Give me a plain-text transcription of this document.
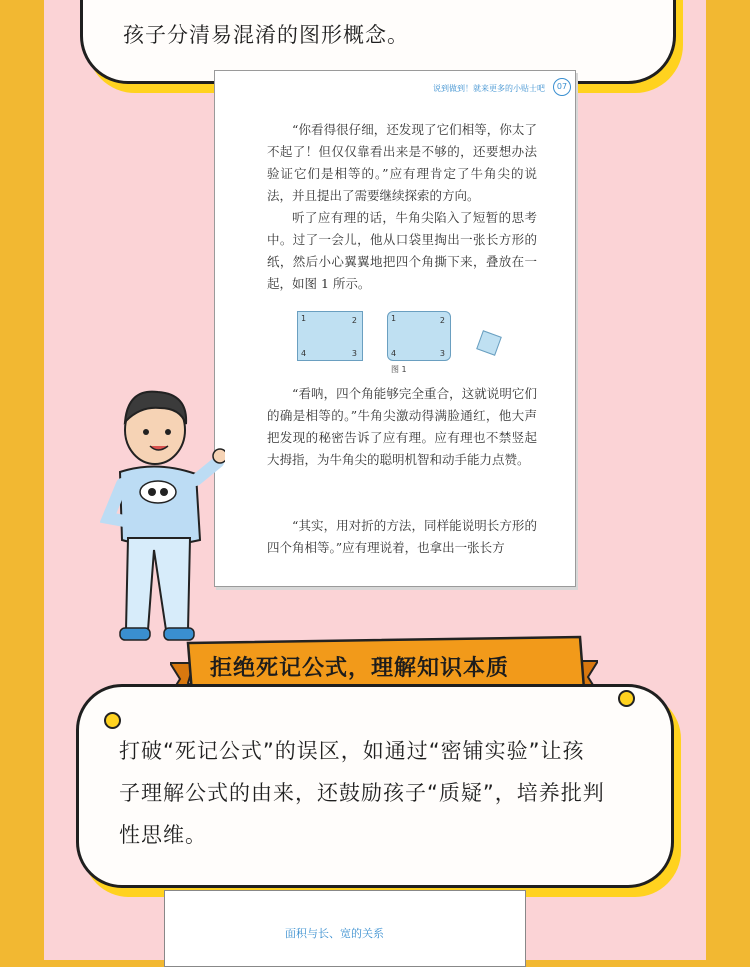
孩子分清易混淆的图形概念。
说到做到！就来更多的小贴士吧	07
“你看得很仔细，还发现了它们相等，你太了不起了！但仅仅靠看出来是不够的，还要想办法验证它们是相等的。”应有理肯定了牛角尖的说法，并且提出了需要继续探索的方向。
听了应有理的话，牛角尖陷入了短暂的思考中。过了一会儿，他从口袋里掏出一张长方形的纸，然后小心翼翼地把四个角撕下来，叠放在一起，如图 1 所示。
1	2
4	3
1	2
4	3
图 1
“看呐，四个角能够完全重合，这就说明它们的确是相等的。”牛角尖激动得满脸通红，他大声把发现的秘密告诉了应有理。应有理也不禁竖起大拇指，为牛角尖的聪明机智和动手能力点赞。
“其实，用对折的方法，同样能说明长方形的四个角相等。”应有理说着，也拿出一张长方
拒绝死记公式，理解知识本质
打破“死记公式”的误区，如通过“密铺实验”让孩
子理解公式的由来，还鼓励孩子“质疑”，培养批判
性思维。
面积与长、宽的关系
